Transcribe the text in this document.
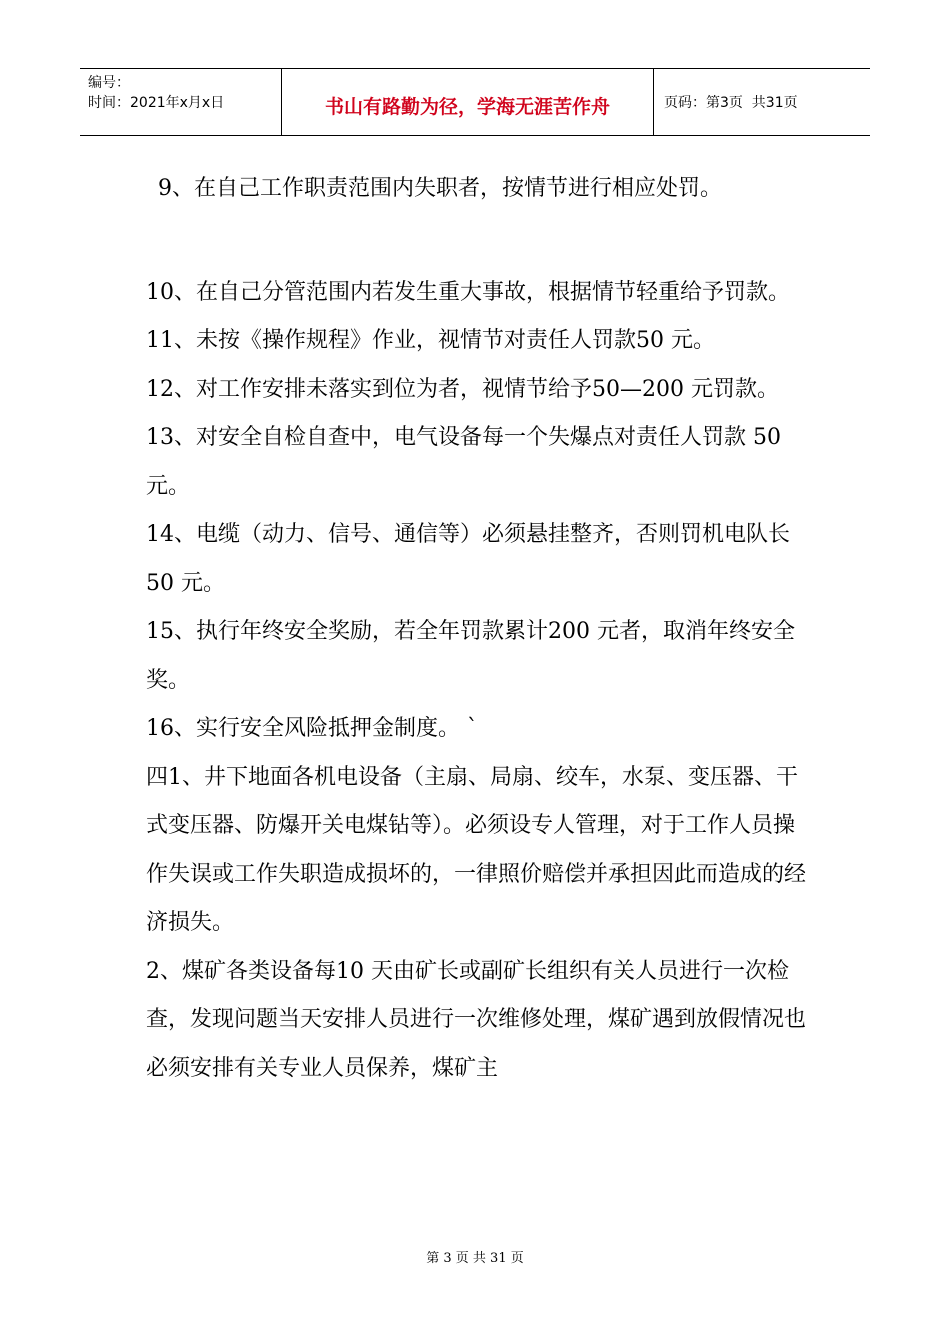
编号：
时间：2021年x月x日	书山有路勤为径，学海无涯苦作舟	页码：第3页  共31页

9、在自己工作职责范围内失职者，按情节进行相应处罚。

10、在自己分管范围内若发生重大事故，根据情节轻重给予罚款。

11、未按《操作规程》作业，视情节对责任人罚款50 元。

12、对工作安排未落实到位为者，视情节给予50—200 元罚款。

13、对安全自检自查中，电气设备每一个失爆点对责任人罚款 50 元。

14、电缆（动力、信号、通信等）必须悬挂整齐，否则罚机电队长50 元。

15、执行年终安全奖励，若全年罚款累计200 元者，取消年终安全奖。

16、实行安全风险抵押金制度。 `

四1、井下地面各机电设备（主扇、局扇、绞车，水泵、变压器、干式变压器、防爆开关电煤钻等）。必须设专人管理，对于工作人员操作失误或工作失职造成损坏的，一律照价赔偿并承担因此而造成的经济损失。

2、煤矿各类设备每10 天由矿长或副矿长组织有关人员进行一次检查，发现问题当天安排人员进行一次维修处理，煤矿遇到放假情况也必须安排有关专业人员保养，煤矿主

第 3 页 共 31 页
